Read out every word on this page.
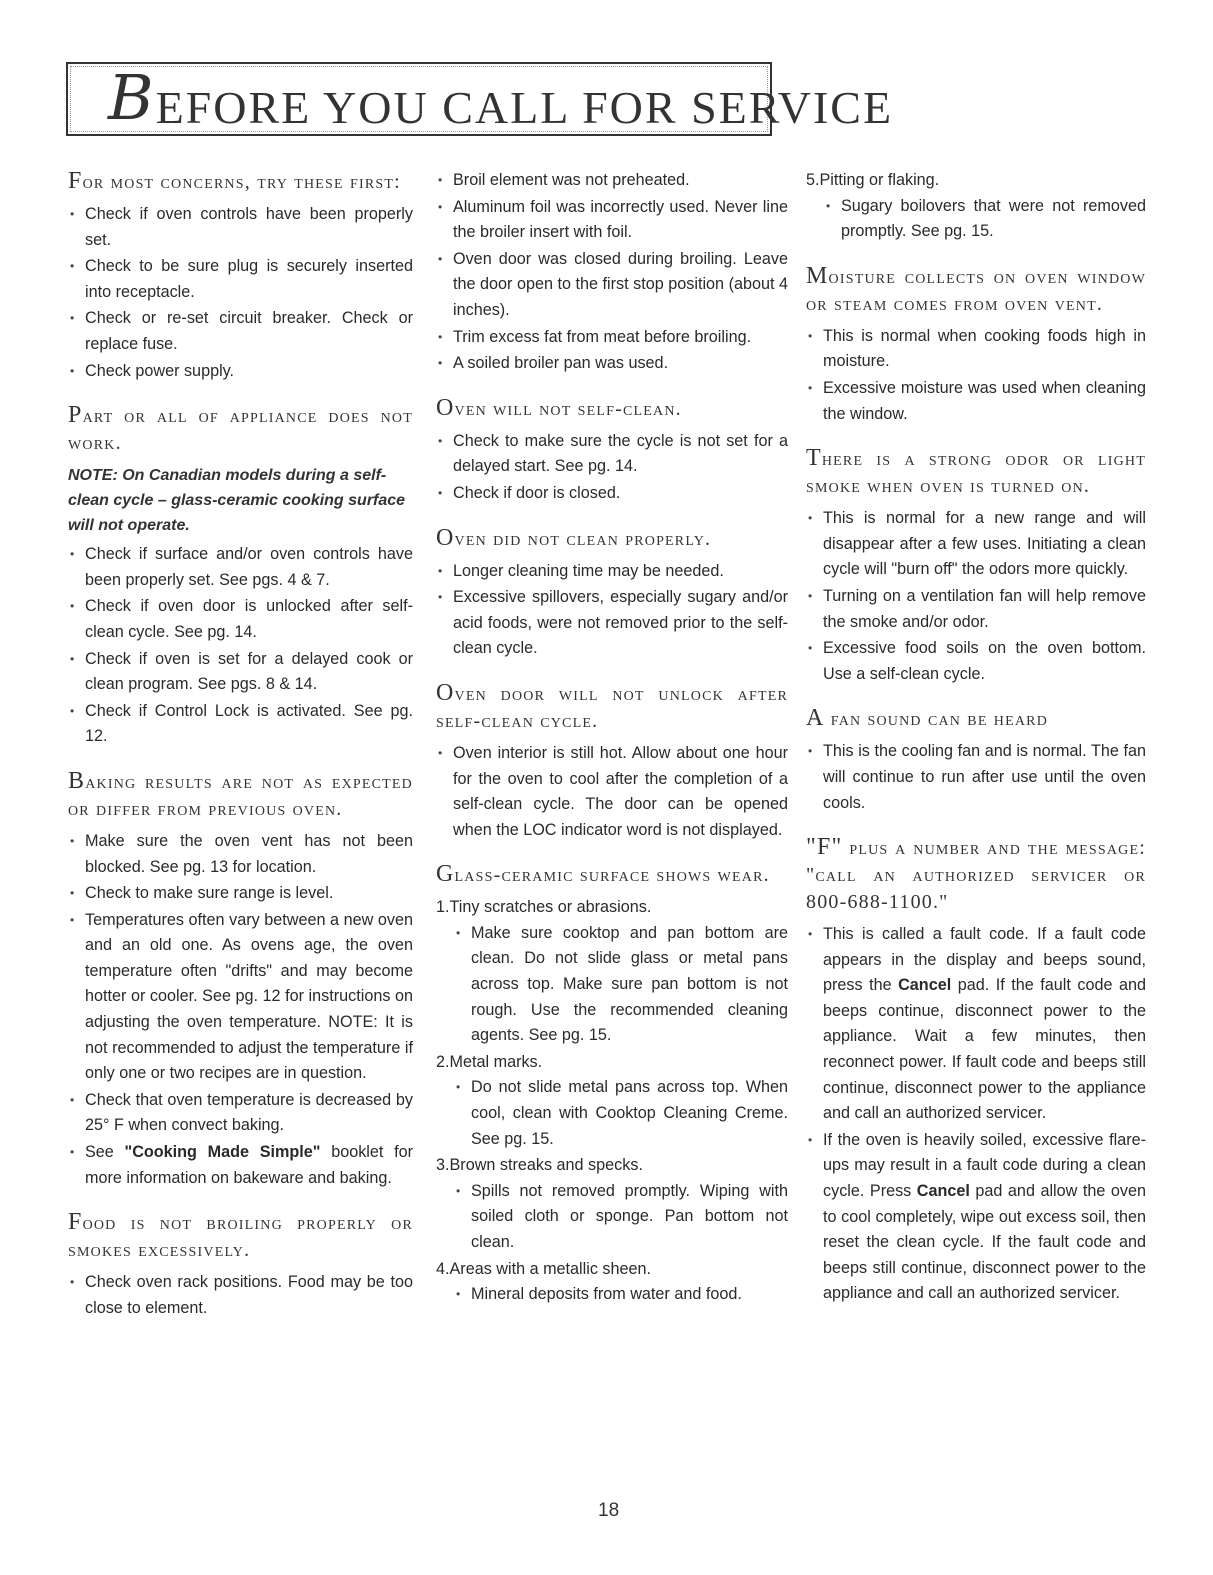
B EFORE YOU CALL FOR SERVICE
For most concerns, try these first:
• Check if oven controls have been properly set.
• Check to be sure plug is securely inserted into receptacle.
• Check or re-set circuit breaker. Check or replace fuse.
• Check power supply.
Part or all of appliance does not work.
NOTE: On Canadian models during a self-clean cycle – glass-ceramic cooking surface will not operate.
• Check if surface and/or oven controls have been properly set. See pgs. 4 & 7.
• Check if oven door is unlocked after self-clean cycle. See pg. 14.
• Check if oven is set for a delayed cook or clean program. See pgs. 8 & 14.
• Check if Control Lock is activated. See pg. 12.
Baking results are not as expected or differ from previous oven.
• Make sure the oven vent has not been blocked. See pg. 13 for location.
• Check to make sure range is level.
• Temperatures often vary between a new oven and an old one. As ovens age, the oven temperature often "drifts" and may become hotter or cooler. See pg. 12 for instructions on adjusting the oven temperature. NOTE: It is not recommended to adjust the temperature if only one or two recipes are in question.
• Check that oven temperature is decreased by 25° F when convect baking.
• See "Cooking Made Simple" booklet for more information on bakeware and baking.
Food is not broiling properly or smokes excessively.
• Check oven rack positions. Food may be too close to element.
• Broil element was not preheated.
• Aluminum foil was incorrectly used. Never line the broiler insert with foil.
• Oven door was closed during broiling. Leave the door open to the first stop position (about 4 inches).
• Trim excess fat from meat before broiling.
• A soiled broiler pan was used.
Oven will not self-clean.
• Check to make sure the cycle is not set for a delayed start. See pg. 14.
• Check if door is closed.
Oven did not clean properly.
• Longer cleaning time may be needed.
• Excessive spillovers, especially sugary and/or acid foods, were not removed prior to the self-clean cycle.
Oven door will not unlock after self-clean cycle.
• Oven interior is still hot. Allow about one hour for the oven to cool after the completion of a self-clean cycle. The door can be opened when the LOC indicator word is not displayed.
Glass-ceramic surface shows wear.
1.Tiny scratches or abrasions.
• Make sure cooktop and pan bottom are clean. Do not slide glass or metal pans across top. Make sure pan bottom is not rough. Use the recommended cleaning agents. See pg. 15.
2.Metal marks.
• Do not slide metal pans across top. When cool, clean with Cooktop Cleaning Creme. See pg. 15.
3.Brown streaks and specks.
• Spills not removed promptly. Wiping with soiled cloth or sponge. Pan bottom not clean.
4.Areas with a metallic sheen.
• Mineral deposits from water and food.
5.Pitting or flaking.
• Sugary boilovers that were not removed promptly. See pg. 15.
Moisture collects on oven window or steam comes from oven vent.
• This is normal when cooking foods high in moisture.
• Excessive moisture was used when cleaning the window.
There is a strong odor or light smoke when oven is turned on.
• This is normal for a new range and will disappear after a few uses. Initiating a clean cycle will "burn off" the odors more quickly.
• Turning on a ventilation fan will help remove the smoke and/or odor.
• Excessive food soils on the oven bottom. Use a self-clean cycle.
A fan sound can be heard
• This is the cooling fan and is normal. The fan will continue to run after use until the oven cools.
"F" plus a number and the message: "call an authorized servicer or 800-688-1100."
• This is called a fault code. If a fault code appears in the display and beeps sound, press the Cancel pad. If the fault code and beeps continue, disconnect power to the appliance. Wait a few minutes, then reconnect power. If fault code and beeps still continue, disconnect power to the appliance and call an authorized servicer.
• If the oven is heavily soiled, excessive flare-ups may result in a fault code during a clean cycle. Press Cancel pad and allow the oven to cool completely, wipe out excess soil, then reset the clean cycle. If the fault code and beeps still continue, disconnect power to the appliance and call an authorized servicer.
18
